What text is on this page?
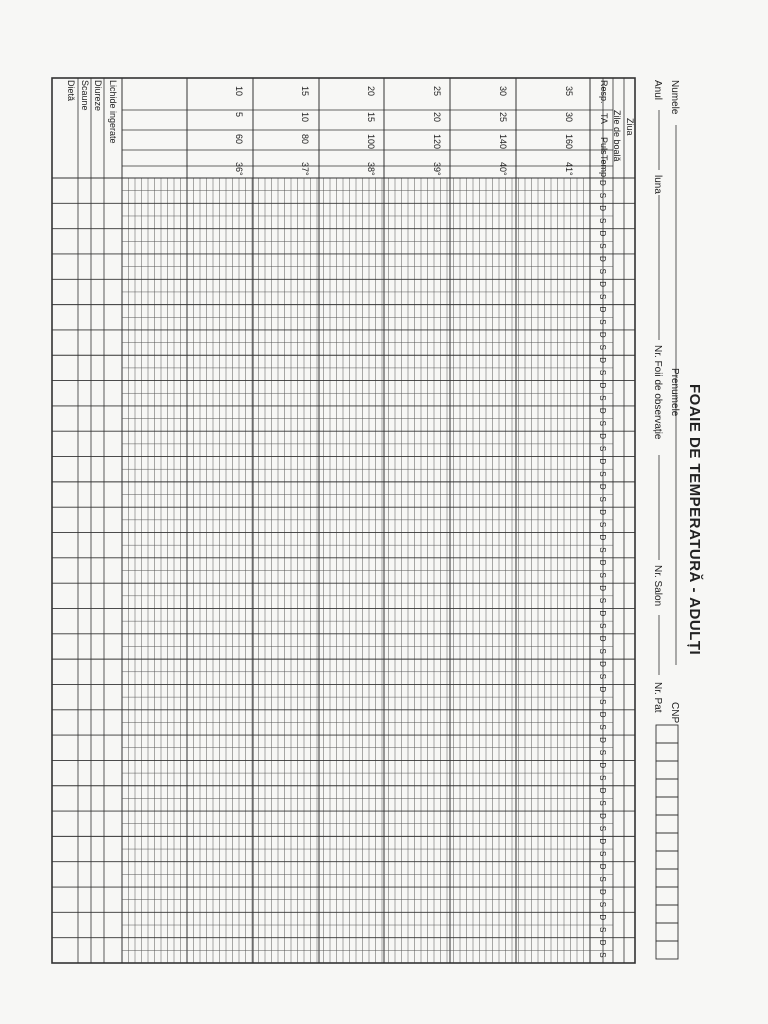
FOAIE DE TEMPERATURĂ - ADULȚI
Numele
Prenumele
CNP
Anul
luna
Nr. Foii de observație
Nr. Salon
Nr. Pat
Resp.
TA
Puls
Temp.
Ziua
Zile de boală
35
30
160
41°
30
25
140
40°
25
20
120
39°
20
15
100
38°
15
10
80
37°
10
5
60
36°
D
S
D
S
D
S
D
S
D
S
D
S
D
S
D
S
D
S
D
S
D
S
D
S
D
S
D
S
D
S
D
S
D
S
D
S
D
S
D
S
D
S
D
S
D
S
D
S
D
S
D
S
D
S
D
S
D
S
D
S
D
S
Lichide ingerate
Diureze
Scaune
Dietă
